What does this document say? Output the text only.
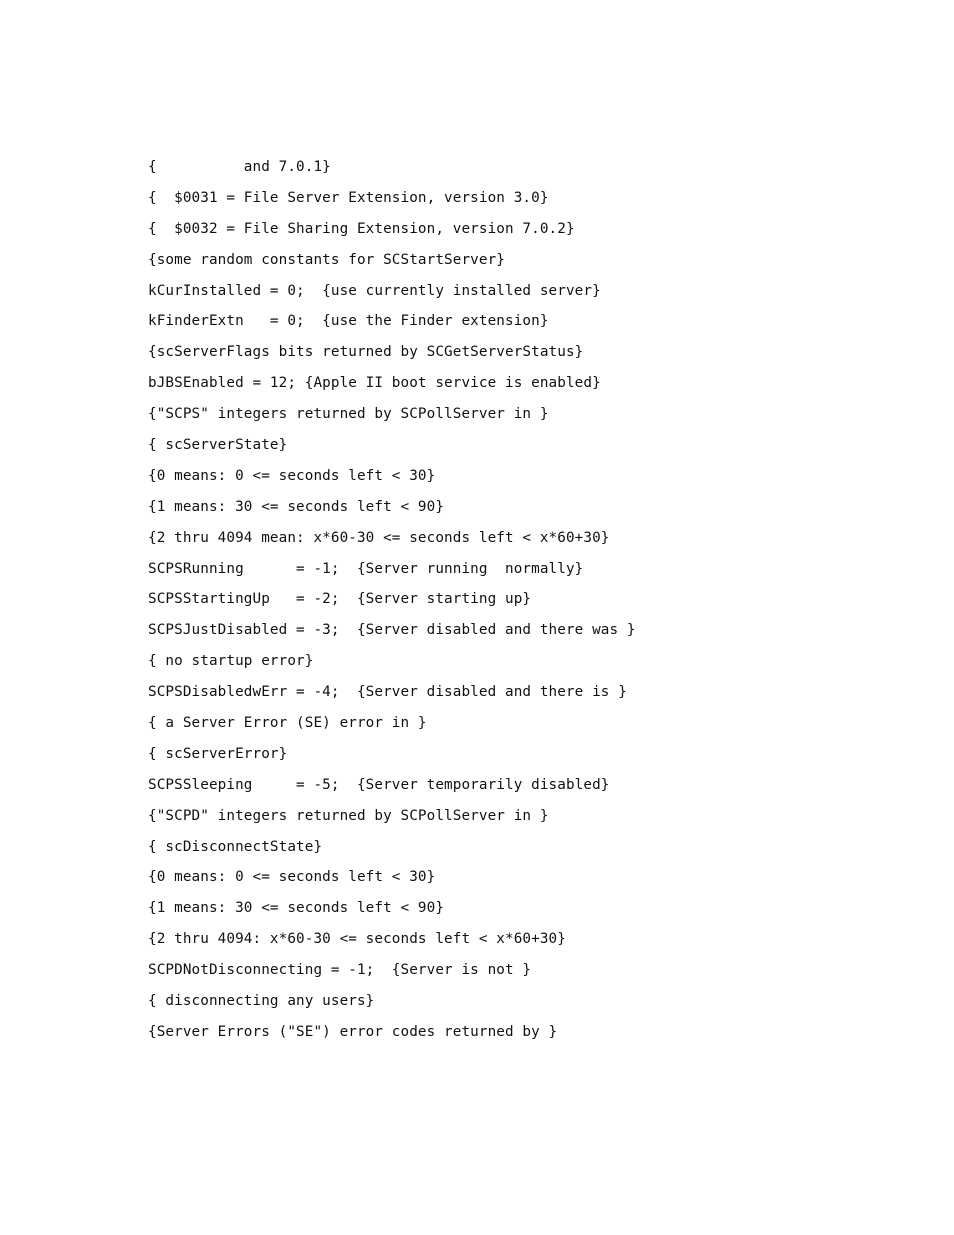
{          and 7.0.1}
{  $0031 = File Server Extension, version 3.0}
{  $0032 = File Sharing Extension, version 7.0.2}
{some random constants for SCStartServer}
kCurInstalled = 0;  {use currently installed server}
kFinderExtn   = 0;  {use the Finder extension}
{scServerFlags bits returned by SCGetServerStatus}
bJBSEnabled = 12; {Apple II boot service is enabled}
{"SCPS" integers returned by SCPollServer in }
{ scServerState}
{0 means: 0 <= seconds left < 30}
{1 means: 30 <= seconds left < 90}
{2 thru 4094 mean: x*60-30 <= seconds left < x*60+30}
SCPSRunning      = -1;  {Server running  normally}
SCPSStartingUp   = -2;  {Server starting up}
SCPSJustDisabled = -3;  {Server disabled and there was }
{ no startup error}
SCPSDisabledwErr = -4;  {Server disabled and there is }
{ a Server Error (SE) error in }
{ scServerError}
SCPSSleeping     = -5;  {Server temporarily disabled}
{"SCPD" integers returned by SCPollServer in }
{ scDisconnectState}
{0 means: 0 <= seconds left < 30}
{1 means: 30 <= seconds left < 90}
{2 thru 4094: x*60-30 <= seconds left < x*60+30}
SCPDNotDisconnecting = -1;  {Server is not }
{ disconnecting any users}
{Server Errors ("SE") error codes returned by }
